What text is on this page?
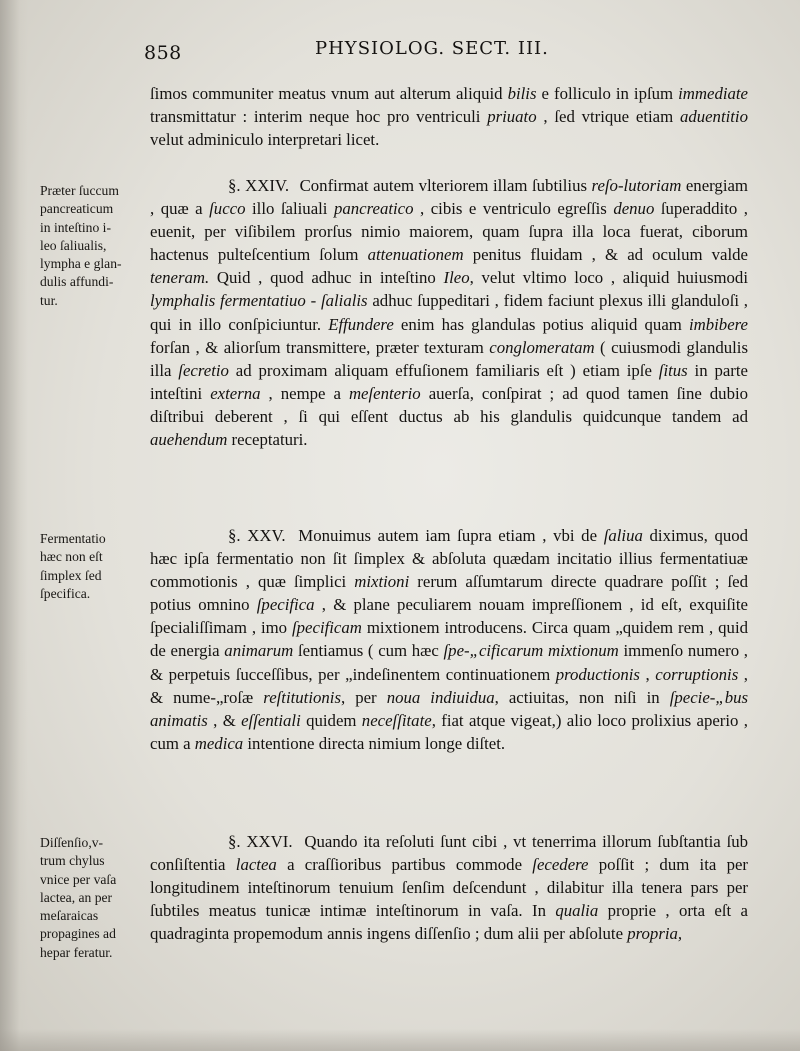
858	PHYSIOLOG. SECT. III.
Præter ſuccum
pancreaticum
in inteſtino i-
leo ſaliualis,
lympha e glan-
dulis affundi-
tur.
Fermentatio
hæc non eſt
ſimplex ſed
ſpecifica.
Diſſenſio,v-
trum chylus
vnice per vaſa
lactea, an per
meſaraicas
propagines ad
hepar feratur.

ſimos communiter meatus vnum aut alterum aliquid bilis e folliculo in ipſum immediate transmittatur : interim neque hoc pro ventriculi priuato , ſed vtrique etiam aduentitio velut adminiculo interpretari licet.

§. XXIV. Confirmat autem vlteriorem illam ſubtilius reſo-lutoriam energiam , quæ a ſucco illo ſaliuali pancreatico , cibis e ventriculo egreſſis denuo ſuperaddito , euenit, per viſibilem prorſus nimio maiorem, quam ſupra illa loca fuerat, ciborum hactenus pulteſcentium ſolum attenuationem penitus fluidam , & ad oculum valde teneram. Quid , quod adhuc in inteſtino Ileo, velut vltimo loco , aliquid huiusmodi lymphalis fermentatiuo - ſalialis adhuc ſuppeditari , fidem faciunt plexus illi glanduloſi , qui in illo conſpiciuntur. Effundere enim has glandulas potius aliquid quam imbibere forſan , & aliorſum transmittere, præter texturam conglomeratam ( cuiusmodi glandulis illa ſecretio ad proximam aliquam effuſionem familiaris eſt ) etiam ipſe ſitus in parte inteſtini externa , nempe a meſenterio auerſa, conſpirat ; ad quod tamen ſine dubio diſtribui deberent , ſi qui eſſent ductus ab his glandulis quidcunque tandem ad auehendum receptaturi.

§. XXV. Monuimus autem iam ſupra etiam , vbi de ſaliua diximus, quod hæc ipſa fermentatio non ſit ſimplex & abſoluta quædam incitatio illius fermentatiuæ commotionis , quæ ſimplici mixtioni rerum aſſumtarum directe quadrare poſſit ; ſed potius omnino ſpecifica , & plane peculiarem nouam impreſſionem , id eſt, exquiſite ſpecialiſſimam , imo ſpecificam mixtionem introducens. Circa quam „quidem rem , quid de energia animarum ſentiamus ( cum hæc ſpe-„cificarum mixtionum immenſo numero , & perpetuis ſucceſſibus, per „indeſinentem continuationem productionis , corruptionis , & nume-„roſæ reſtitutionis, per noua indiuidua, actiuitas, non niſi in ſpecie-„bus animatis , & eſſentiali quidem neceſſitate, fiat atque vigeat,) alio loco prolixius aperio , cum a medica intentione directa nimium longe diſtet.

§. XXVI. Quando ita reſoluti ſunt cibi , vt tenerrima illorum ſubſtantia ſub conſiſtentia lactea a craſſioribus partibus commode ſecedere poſſit ; dum ita per longitudinem inteſtinorum tenuium ſenſim deſcendunt , dilabitur illa tenera pars per ſubtiles meatus tunicæ intimæ inteſtinorum in vaſa. In qualia proprie , orta eſt a quadraginta propemodum annis ingens diſſenſio ; dum alii per abſolute propria,
